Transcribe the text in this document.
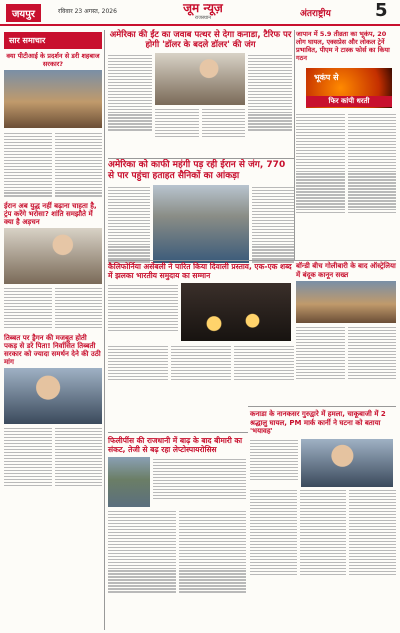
जयपुर	रविवार 23 अगस्त, 2026	जूम न्यूज़
राजस्थान	अंतराष्ट्रीय 5
सार समाचार
क्या पीटीआई के प्रदर्शन से डरी शहबाज सरकार?
ईरान अब युद्ध नहीं बढ़ाना चाहता है, ट्रंप करेंगे भरोसा? शांति समझौते में क्या है अड़चन
तिब्बत पर ड्रैगन की मजबूत होती पकड़ से डरे पिता! निर्वासित तिब्बती सरकार को ज्यादा समर्थन देने की उठी मांग
अमेरिका की ईंट का जवाब पत्थर से देगा कनाडा, टैरिफ पर होगी 'डॉलर के बदले डॉलर' की जंग
जापान में 5.9 तीव्रता का भूकंप, 20 लोग घायल, एक्सप्रेस और लोकल ट्रेनें प्रभावित, पीएम ने टास्क फोर्स का किया गठन
भूकंप से
फिर कांपी धरती
अमेरिका को काफी महंगी पड़ रही ईरान से जंग, 770 से पार पहुंचा हताहत सैनिकों का आंकड़ा
कैलिफोर्निया असेंबली ने पारित किया दिवाली प्रस्ताव, एक-एक शब्द में झलका भारतीय समुदाय का सम्मान
बॉन्डी बीच गोलीबारी के बाद ऑस्ट्रेलिया में बंदूक कानून सख्त
कनाडा के नानकसर गुरुद्वारे में हमला, चाकूबाजी में 2 श्रद्धालु घायल, PM मार्क कार्नी ने घटना को बताया 'भयावह'
फिलीपींस की राजधानी में बाढ़ के बाद बीमारी का संकट, तेजी से बढ़ रहा लेप्टोस्पायरोसिस
